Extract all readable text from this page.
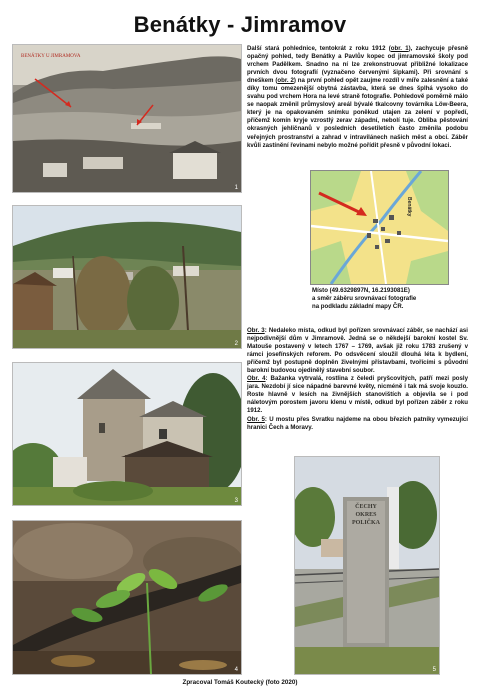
Benátky - Jimramov
BENÁTKY U JIMRAMOVA
1

Další stará pohlednice, tentokrát z roku 1912 (obr. 1), zachycuje přesně opačný pohled, tedy Benátky a Pavlův kopec od jimramovské školy pod vrchem Padělkem. Snadno na ní lze zrekonstruovat přibližné lokalizace prvních dvou fotografií (vyznačeno červenými šipkami). Při srovnání s dneškem (obr. 2) na první pohled opět zaujme rozdíl v míře zalesnění a také díky tomu omezenější obytná zástavba, která se dnes šplhá vysoko do svahu pod vrchem Hora na levé straně fotografie. Pohledově poměrně málo se naopak změnil průmyslový areál bývalé tkalcovny továrníka Löw-Beera, který je na opakovaném snímku poněkud utajen za zelení v popředí, přičemž komín kryje vzrostlý zerav západní, nebolí tuje. Obliba pěstování okrasných jehličnanů v posledních desetiletích často změnila podobu veřejných prostranství a zahrad v intravilánech našich měst a obcí. Záběr kvůli zastínění řevinami nebylo možné pořídit přesně v původní lokaci.

2
Benátky
Místo (49.6329897N, 16.2193081E)
a směr záběru srovnávací fotografie
na podkladu základní mapy ČR.
3

Obr. 3: Nedaleko místa, odkud byl pořízen srovnávací záběr, se nachází asi nejpodivnější dům v Jimramově. Jedná se o někdejší barokní kostel Sv. Matouše postavený v letech 1767 – 1769, avšak již roku 1783 zrušený v rámci josefínských reforem. Po odsvěcení sloužil dlouhá léta k bydlení, přičemž byl postupně doplněn živelnými přístavbami, tvořícími s původní barokní budovou ojedinělý stavební soubor.

Obr. 4: Bažanka vytrvalá, rostlina z čeledi pryšcovitých, patří mezi posly jara. Nezdobí jí sice nápadné barevné květy, nicméně i tak má svoje kouzlo. Roste hlavně v lesích na živnějších stanovištích a objevila se i pod náletovým porostem javoru klenu v místě, odkud byl pořízen záběr z roku 1912.

Obr. 5: U mostu přes Svratku najdeme na obou březích patníky vymezující hranici Čech a Moravy.

4
ČECHY
OKRES
POLIČKA
5
Zpracoval Tomáš Koutecký (foto 2020)
